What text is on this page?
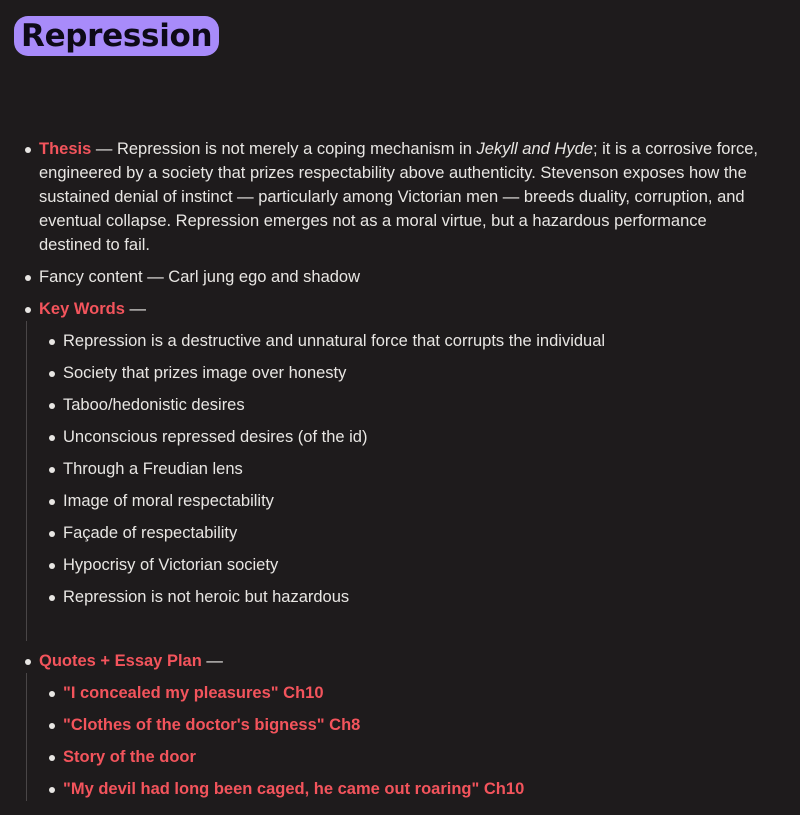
Repression
Thesis — Repression is not merely a coping mechanism in Jekyll and Hyde; it is a corrosive force, engineered by a society that prizes respectability above authenticity. Stevenson exposes how the sustained denial of instinct — particularly among Victorian men — breeds duality, corruption, and eventual collapse. Repression emerges not as a moral virtue, but a hazardous performance destined to fail.
Fancy content — Carl jung ego and shadow
Key Words —
Repression is a destructive and unnatural force that corrupts the individual
Society that prizes image over honesty
Taboo/hedonistic desires
Unconscious repressed desires (of the id)
Through a Freudian lens
Image of moral respectability
Façade of respectability
Hypocrisy of Victorian society
Repression is not heroic but hazardous
Quotes + Essay Plan —
"I concealed my pleasures" Ch10
"Clothes of the doctor's bigness" Ch8
Story of the door
"My devil had long been caged, he came out roaring" Ch10
